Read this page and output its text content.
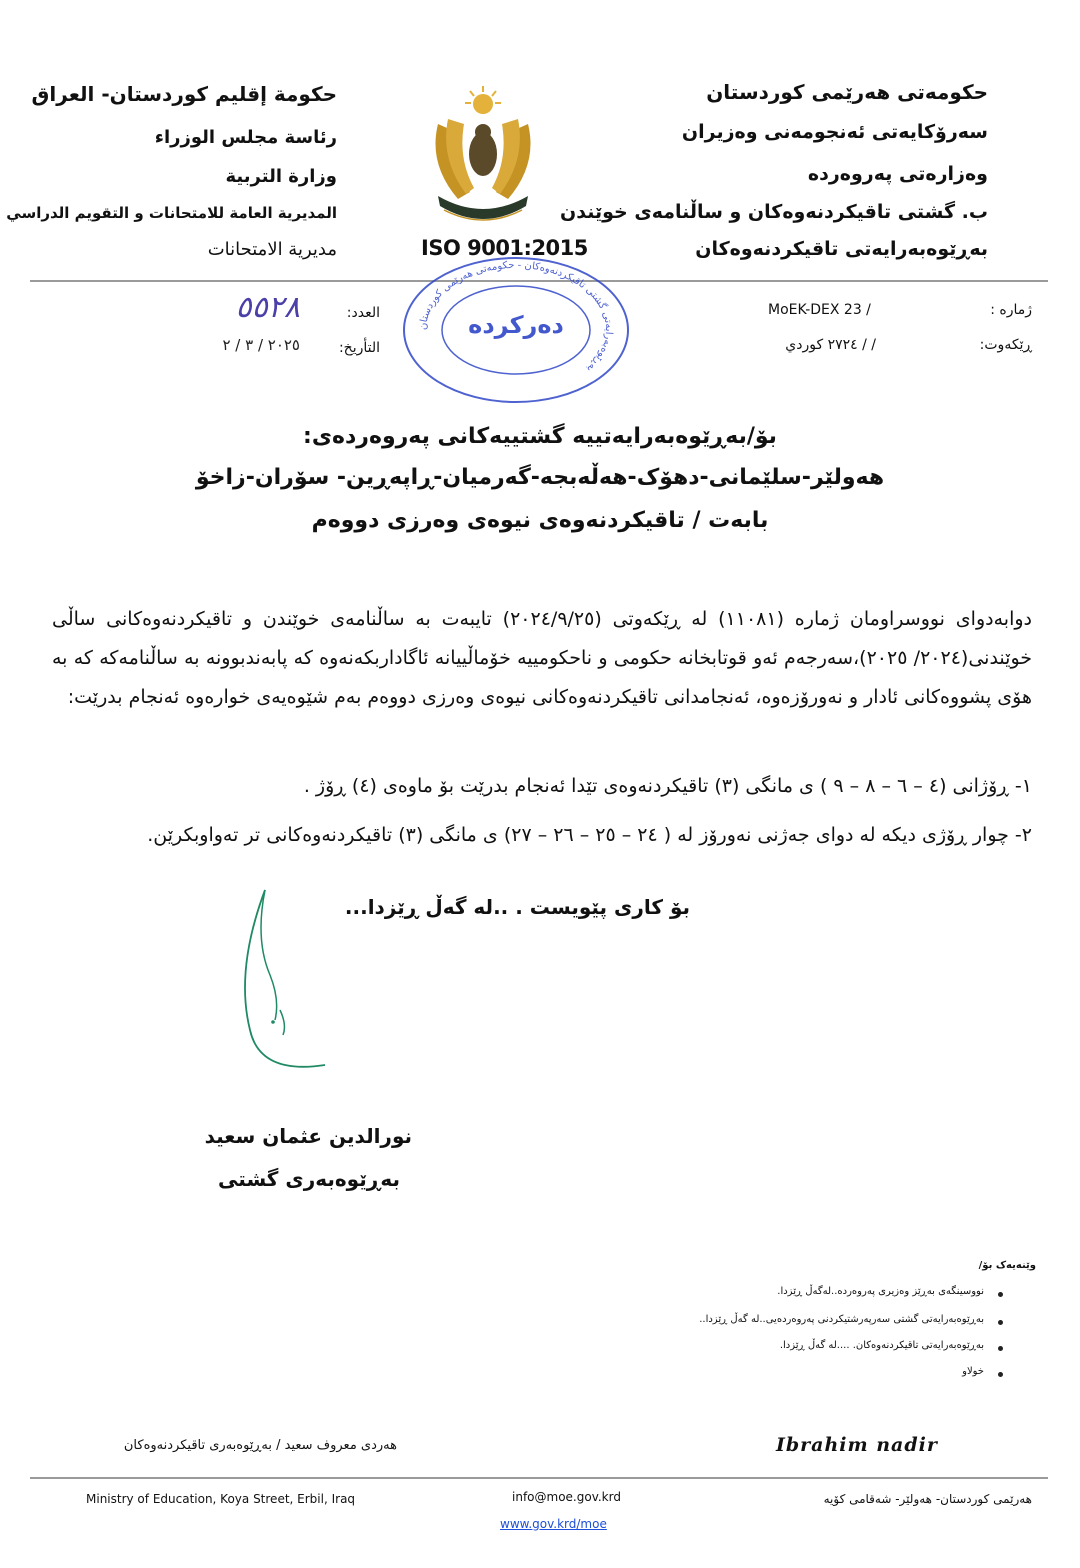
حکومەتی هەرێمی کوردستان
سەرۆکایەتی ئەنجومەنی وەزیران
وەزارەتی پەروەردە
ب. گشتی تاقیکردنەوەکان و ساڵنامەی خوێندن
بەڕێوەبەرایەتی تاقیکردنەوەکان
حكومة إقليم كوردستان- العراق
رئاسة مجلس الوزراء
وزارة التربية
المديرية العامة للامتحانات و التقويم الدراسي
مديرية الامتحانات	ISO 9001:2015
ژمارە :
MoEK-DEX 23 /
ڕێکەوت:
/ / ٢٧٢٤ كوردي
العدد:
٥٥٢٨
التأريخ:
٢٠٢٥ / ٣ / ٢
بەڕێوەبەرایەتی گشتی تاقیکردنەوەکان - حکومەتی هەرێمی کوردستان
دەرکرده
بۆ/بەڕێوەبەرایەتییە گشتییەکانی پەروەردەی:
هەولێر-سلێمانی-دهۆک-هەڵەبجە-گەرمیان-ڕاپەڕین- سۆران-زاخۆ
بابەت / تاقیکردنەوەی نیوەی وەرزی دووەم
دوابەدوای نووسراومان ژمارە (١١٠٨١) لە ڕێکەوتی (٢٠٢٤/٩/٢٥) تایبەت بە ساڵنامەی خوێندن و تاقیکردنەوەکانی ساڵی خوێندنی(٢٠٢٤/ ٢٠٢٥)،سەرجەم ئەو قوتابخانە حکومی و ناحکومییە خۆماڵییانە ئاگاداربکەنەوە کە پابەندبوونە بە ساڵنامەکە کە بە هۆی پشووەکانی ئادار و نەورۆزەوە، ئەنجامدانی تاقیکردنەوەکانی نیوەی وەرزی دووەم بەم شێوەیەی خوارەوە ئەنجام بدرێت:
١- ڕۆژانی (٤ – ٦ – ٨ – ٩ ) ی مانگی (٣) تاقیکردنەوەی تێدا ئەنجام بدرێت بۆ ماوەی (٤) ڕۆژ .
٢- چوار ڕۆژی دیکە لە دوای جەژنی نەورۆز لە ( ٢٤ – ٢٥ – ٢٦ – ٢٧) ی مانگی (٣) تاقیکردنەوەکانی تر تەواوبکرێن.
بۆ کاری پێویست . ..لە گەڵ ڕێزدا...
نورالدين عثمان سعيد
بەڕێوەبەری گشتی
وێنەیەک بۆ/
نووسینگەی بەڕێز وەزیری پەروەردە..لەگەڵ ڕێزدا.
بەڕێوەبەرایەتی گشتی سەرپەرشتیکردنی پەروەردەیی..لە گەڵ ڕێزدا..
بەڕێوەبەرایەتی تاقیکردنەوەکان. ....لە گەڵ ڕێزدا.
خولاو
هەردی معروف سعید / بەڕێوەبەری تاقیکردنەوەکان	Ibrahim nadir
Ministry of Education, Koya Street, Erbil, Iraq	info@moe.gov.krd
www.gov.krd/moe
هەرێمی کوردستان- هەولێر- شەقامی کۆیە
